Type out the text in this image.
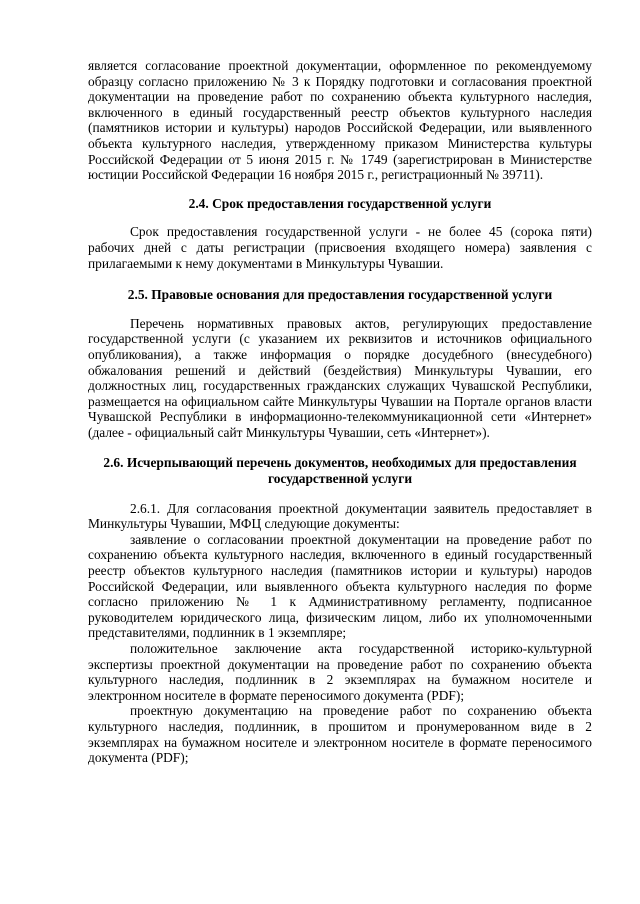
является согласование проектной документации, оформленное по рекомендуемому образцу согласно приложению № 3 к Порядку подготовки и согласования проектной документации на проведение работ по сохранению объекта культурного наследия, включенного в единый государственный реестр объектов культурного наследия (памятников истории и культуры) народов Российской Федерации, или выявленного объекта культурного наследия, утвержденному приказом Министерства культуры Российской Федерации от 5 июня 2015 г. № 1749 (зарегистрирован в Министерстве юстиции Российской Федерации 16 ноября 2015 г., регистрационный № 39711).

2.4. Срок предоставления государственной услуги

Срок предоставления государственной услуги - не более 45 (сорока пяти) рабочих дней с даты регистрации (присвоения входящего номера) заявления с прилагаемыми к нему документами в Минкультуры Чувашии.

2.5. Правовые основания для предоставления государственной услуги

Перечень нормативных правовых актов, регулирующих предоставление государственной услуги (с указанием их реквизитов и источников официального опубликования), а также информация о порядке досудебного (внесудебного) обжалования решений и действий (бездействия) Минкультуры Чувашии, его должностных лиц, государственных гражданских служащих Чувашской Республики, размещается на официальном сайте Минкультуры Чувашии на Портале органов власти Чувашской Республики в информационно-телекоммуникационной сети «Интернет» (далее - официальный сайт Минкультуры Чувашии, сеть «Интернет»).

2.6. Исчерпывающий перечень документов, необходимых для предоставления государственной услуги

2.6.1. Для согласования проектной документации заявитель предоставляет в Минкультуры Чувашии, МФЦ следующие документы:

заявление о согласовании проектной документации на проведение работ по сохранению объекта культурного наследия, включенного в единый государственный реестр объектов культурного наследия (памятников истории и культуры) народов Российской Федерации, или выявленного объекта культурного наследия по форме согласно приложению № 1 к Административному регламенту, подписанное руководителем юридического лица, физическим лицом, либо их уполномоченными представителями, подлинник в 1 экземпляре;

положительное заключение акта государственной историко-культурной экспертизы проектной документации на проведение работ по сохранению объекта культурного наследия, подлинник в 2 экземплярах на бумажном носителе и электронном носителе в формате переносимого документа (PDF);

проектную документацию на проведение работ по сохранению объекта культурного наследия, подлинник, в прошитом и пронумерованном виде в 2 экземплярах на бумажном носителе и электронном носителе в формате переносимого документа (PDF);
